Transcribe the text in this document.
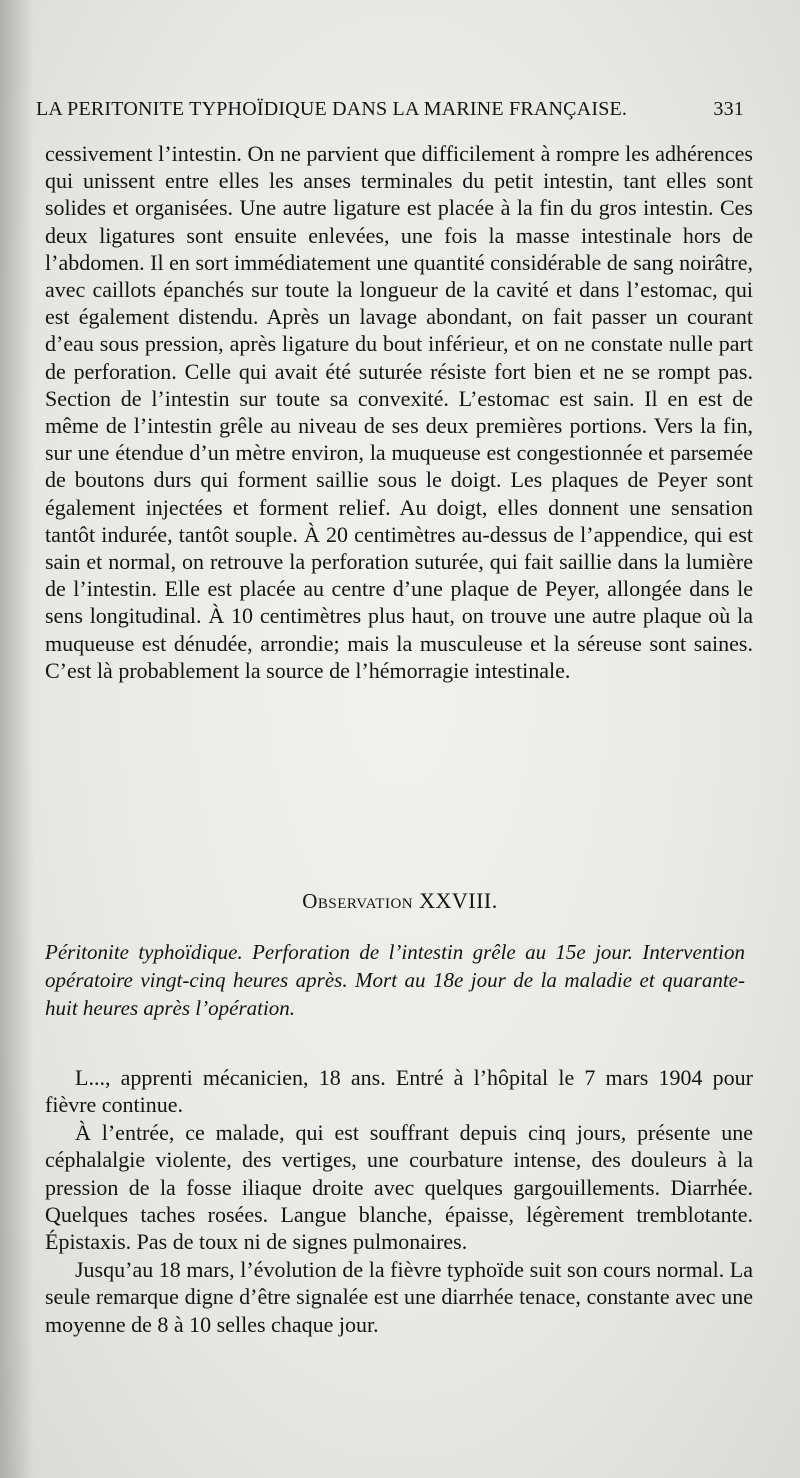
LA PERITONITE TYPHOÏDIQUE DANS LA MARINE FRANÇAISE.	331

cessivement l’intestin. On ne parvient que difficilement à rompre les adhérences qui unissent entre elles les anses terminales du petit intestin, tant elles sont solides et organisées. Une autre ligature est placée à la fin du gros intestin. Ces deux ligatures sont ensuite enlevées, une fois la masse intestinale hors de l’abdomen. Il en sort immédiatement une quantité considérable de sang noirâtre, avec caillots épanchés sur toute la longueur de la cavité et dans l’estomac, qui est également distendu. Après un lavage abondant, on fait passer un courant d’eau sous pression, après ligature du bout inférieur, et on ne constate nulle part de perforation. Celle qui avait été suturée résiste fort bien et ne se rompt pas. Section de l’intestin sur toute sa convexité. L’estomac est sain. Il en est de même de l’intestin grêle au niveau de ses deux premières portions. Vers la fin, sur une étendue d’un mètre environ, la muqueuse est congestionnée et parsemée de boutons durs qui forment saillie sous le doigt. Les plaques de Peyer sont également injectées et forment relief. Au doigt, elles donnent une sensation tantôt indurée, tantôt souple. À 20 centimètres au-dessus de l’appendice, qui est sain et normal, on retrouve la perforation suturée, qui fait saillie dans la lumière de l’intestin. Elle est placée au centre d’une plaque de Peyer, allongée dans le sens longitudinal. À 10 centimètres plus haut, on trouve une autre plaque où la muqueuse est dénudée, arrondie; mais la musculeuse et la séreuse sont saines. C’est là probablement la source de l’hémorragie intestinale.

Observation XXVIII.
Péritonite typhoïdique. Perforation de l’intestin grêle au 15e jour. Intervention opératoire vingt-cinq heures après. Mort au 18e jour de la maladie et quarante-huit heures après l’opération.

L..., apprenti mécanicien, 18 ans. Entré à l’hôpital le 7 mars 1904 pour fièvre continue.

À l’entrée, ce malade, qui est souffrant depuis cinq jours, présente une céphalalgie violente, des vertiges, une courbature intense, des douleurs à la pression de la fosse iliaque droite avec quelques gargouillements. Diarrhée. Quelques taches rosées. Langue blanche, épaisse, légèrement tremblotante. Épistaxis. Pas de toux ni de signes pulmonaires.

Jusqu’au 18 mars, l’évolution de la fièvre typhoïde suit son cours normal. La seule remarque digne d’être signalée est une diarrhée tenace, constante avec une moyenne de 8 à 10 selles chaque jour.
